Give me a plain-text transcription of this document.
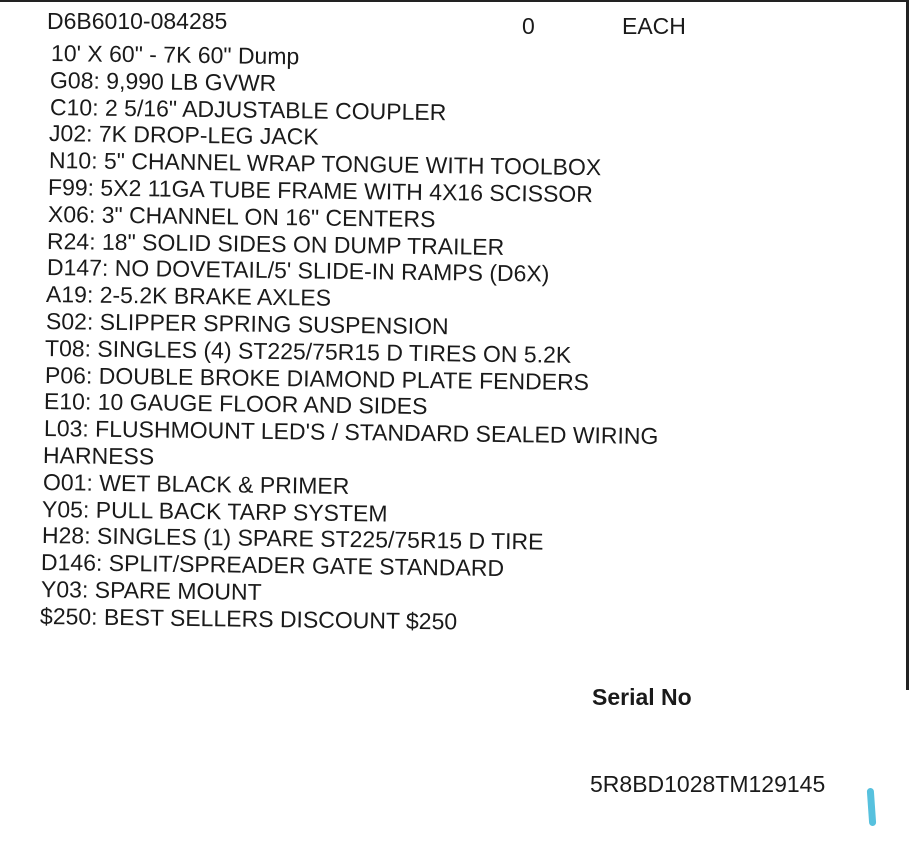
D6B6010-084285	0	EACH
10' X 60" - 7K 60" Dump
G08: 9,990 LB GVWR
C10: 2 5/16" ADJUSTABLE COUPLER
J02: 7K DROP-LEG JACK
N10: 5" CHANNEL WRAP TONGUE WITH TOOLBOX
F99: 5X2 11GA TUBE FRAME WITH 4X16 SCISSOR
X06: 3" CHANNEL ON 16" CENTERS
R24: 18" SOLID SIDES ON DUMP TRAILER
D147: NO DOVETAIL/5' SLIDE-IN RAMPS (D6X)
A19: 2-5.2K BRAKE AXLES
S02: SLIPPER SPRING SUSPENSION
T08: SINGLES (4) ST225/75R15 D TIRES ON 5.2K
P06: DOUBLE BROKE DIAMOND PLATE FENDERS
E10: 10 GAUGE FLOOR AND SIDES
L03: FLUSHMOUNT LED'S / STANDARD SEALED WIRING
HARNESS
O01: WET BLACK & PRIMER
Y05: PULL BACK TARP SYSTEM
H28: SINGLES (1) SPARE ST225/75R15 D TIRE
D146: SPLIT/SPREADER GATE STANDARD
Y03: SPARE MOUNT
$250: BEST SELLERS DISCOUNT $250
Serial No
5R8BD1028TM129145
